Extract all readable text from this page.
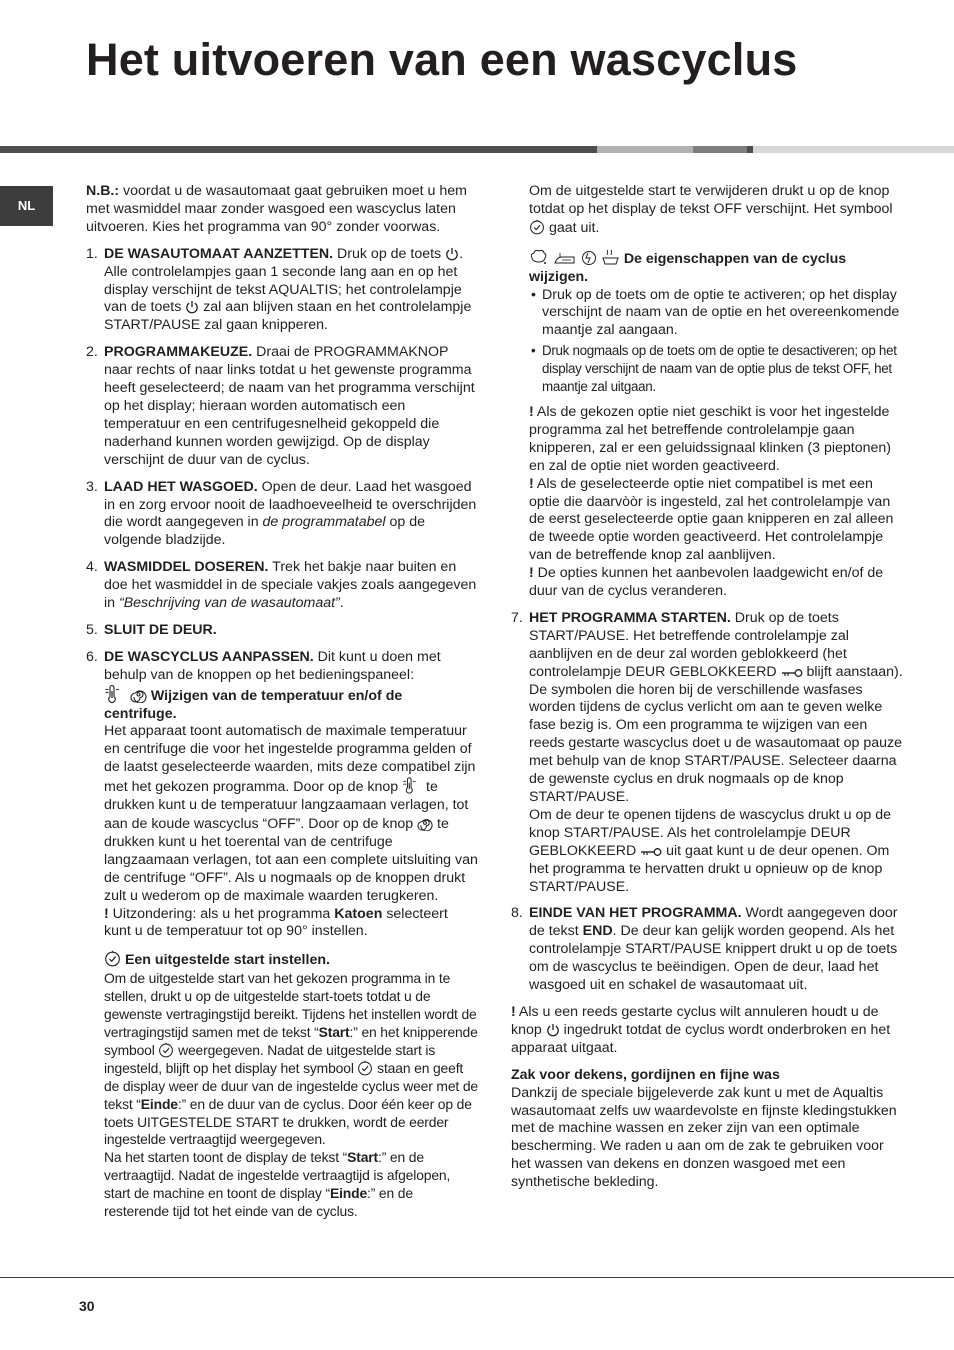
Het uitvoeren van een wascyclus
NL

N.B.: voordat u de wasautomaat gaat gebruiken moet u hem met wasmiddel maar zonder wasgoed een wascyclus laten uitvoeren. Kies het programma van 90° zonder voorwas.

1. DE WASAUTOMAAT AANZETTEN. Druk op de toets
. Alle controlelampjes gaan 1 seconde lang aan en op het display verschijnt de tekst AQUALTIS; het controlelampje van de toets
zal aan blijven staan en het controlelampje START/PAUSE zal gaan knipperen.

2. PROGRAMMAKEUZE. Draai de PROGRAMMAKNOP naar rechts of naar links totdat u het gewenste programma heeft geselecteerd; de naam van het programma verschijnt op het display; hieraan worden automatisch een temperatuur en een centrifugesnelheid gekoppeld die naderhand kunnen worden gewijzigd. Op de display verschijnt de duur van de cyclus.

3. LAAD HET WASGOED. Open de deur. Laad het wasgoed in en zorg ervoor nooit de laadhoeveelheid te overschrijden die wordt aangegeven in de programmatabel op de volgende bladzijde.

4. WASMIDDEL DOSEREN. Trek het bakje naar buiten en doe het wasmiddel in de speciale vakjes zoals aangegeven in “Beschrijving van de wasautomaat”.

5. SLUIT DE DEUR.

6. DE WASCYCLUS AANPASSEN. Dit kunt u doen met behulp van de knoppen op het bedieningspaneel:

Wijzigen van de temperatuur en/of de centrifuge.

Het apparaat toont automatisch de maximale temperatuur en centrifuge die voor het ingestelde programma gelden of de laatst geselecteerde waarden, mits deze compatibel zijn met het gekozen programma. Door op de knop
te drukken kunt u de temperatuur langzaamaan verlagen, tot aan de koude wascyclus “OFF”. Door op de knop
te drukken kunt u het toerental van de centrifuge langzaamaan verlagen, tot aan een complete uitsluiting van de centrifuge “OFF”. Als u nogmaals op de knoppen drukt zult u wederom op de maximale waarden terugkeren.
! Uitzondering: als u het programma Katoen selecteert kunt u de temperatuur tot op 90° instellen.

Een uitgestelde start instellen.

Om de uitgestelde start van het gekozen programma in te stellen, drukt u op de uitgestelde start-toets totdat u de gewenste vertragingstijd bereikt. Tijdens het instellen wordt de vertragingstijd samen met de tekst “Start:” en het knipperende symbool
weergegeven. Nadat de uitgestelde start is ingesteld, blijft op het display het symbool
staan en geeft de display weer de duur van de ingestelde cyclus weer met de tekst “Einde:” en de duur van de cyclus. Door één keer op de toets UITGESTELDE START te drukken, wordt de eerder ingestelde vertraagtijd weergegeven.
Na het starten toont de display de tekst “Start:” en de vertraagtijd. Nadat de ingestelde vertraagtijd is afgelopen, start de machine en toont de display “Einde:” en de resterende tijd tot het einde van de cyclus.

Om de uitgestelde start te verwijderen drukt u op de knop totdat op het display de tekst OFF verschijnt. Het symbool
gaat uit.

De eigenschappen van de cyclus wijzigen.

• Druk op de toets om de optie te activeren; op het display verschijnt de naam van de optie en het overeenkomende maantje zal aangaan.
• Druk nogmaals op de toets om de optie te desactiveren; op het display verschijnt de naam van de optie plus de tekst OFF, het maantje zal uitgaan.

! Als de gekozen optie niet geschikt is voor het ingestelde programma zal het betreffende controlelampje gaan knipperen, zal er een geluidssignaal klinken (3 pieptonen) en zal de optie niet worden geactiveerd.
! Als de geselecteerde optie niet compatibel is met een optie die daarvòòr is ingesteld, zal het controlelampje van de eerst geselecteerde optie gaan knipperen en zal alleen de tweede optie worden geactiveerd. Het controlelampje van de betreffende knop zal aanblijven.
! De opties kunnen het aanbevolen laadgewicht en/of de duur van de cyclus veranderen.

7. HET PROGRAMMA STARTEN. Druk op de toets START/PAUSE. Het betreffende controlelampje zal aanblijven en de deur zal worden geblokkeerd (het controlelampje DEUR GEBLOKKEERD
blijft aanstaan). De symbolen die horen bij de verschillende wasfases worden tijdens de cyclus verlicht om aan te geven welke fase bezig is. Om een programma te wijzigen van een reeds gestarte wascyclus doet u de wasautomaat op pauze met behulp van de knop START/PAUSE. Selecteer daarna de gewenste cyclus en druk nogmaals op de knop START/PAUSE.
Om de deur te openen tijdens de wascyclus drukt u op de knop START/PAUSE. Als het controlelampje DEUR GEBLOKKEERD
uit gaat kunt u de deur openen. Om het programma te hervatten drukt u opnieuw op de knop START/PAUSE.

8. EINDE VAN HET PROGRAMMA. Wordt aangegeven door de tekst END. De deur kan gelijk worden geopend. Als het controlelampje START/PAUSE knippert drukt u op de toets om de wascyclus te beëindigen. Open de deur, laad het wasgoed uit en schakel de wasautomaat uit.

! Als u een reeds gestarte cyclus wilt annuleren houdt u de knop
ingedrukt totdat de cyclus wordt onderbroken en het apparaat uitgaat.

Zak voor dekens, gordijnen en fijne was

Dankzij de speciale bijgeleverde zak kunt u met de Aqualtis wasautomaat zelfs uw waardevolste en fijnste kledingstukken met de machine wassen en zeker zijn van een optimale bescherming. We raden u aan om de zak te gebruiken voor het wassen van dekens en donzen wasgoed met een synthetische bekleding.

30
